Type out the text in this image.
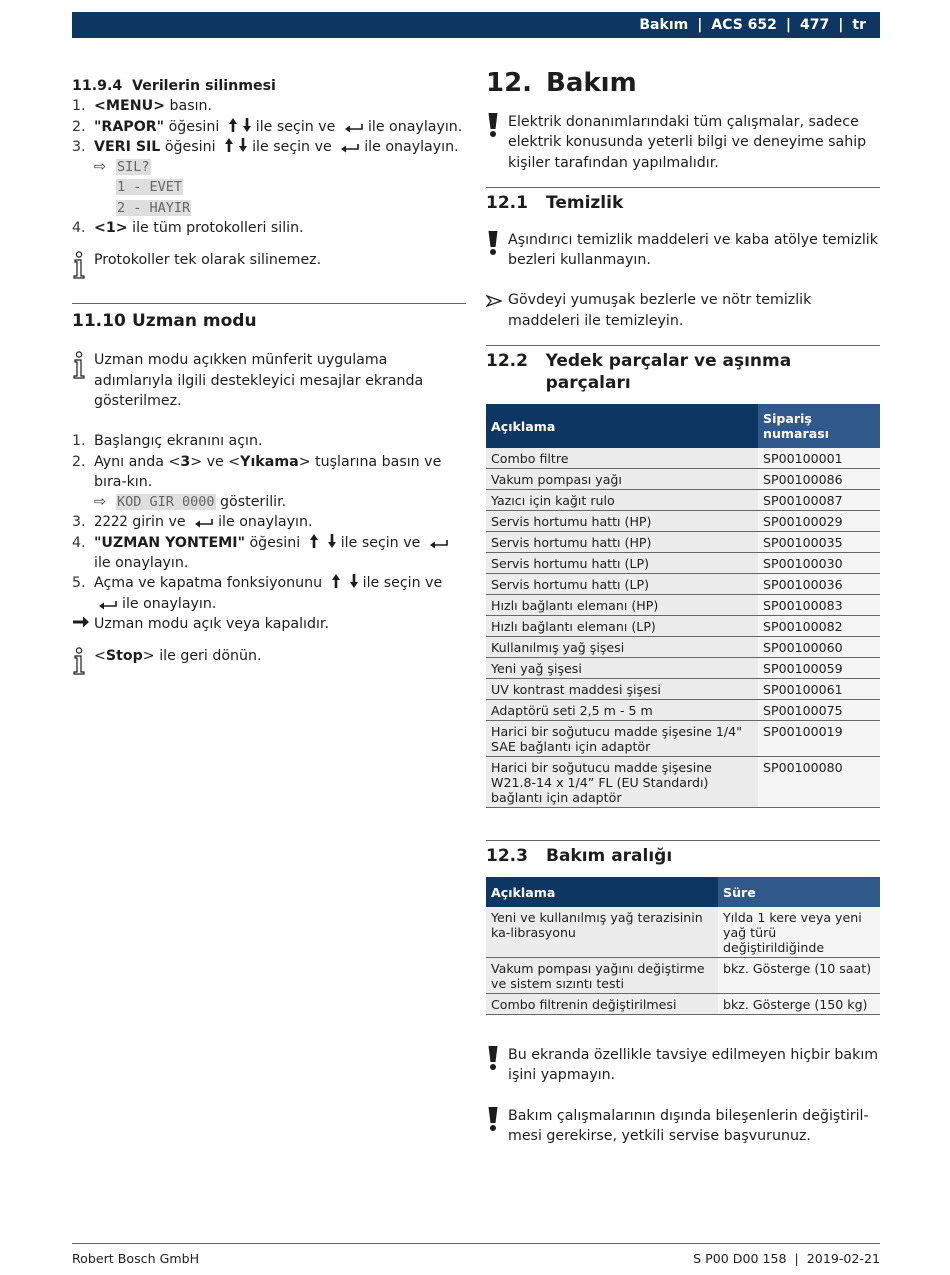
Bakım | ACS 652 | 477 | tr
11.9.4 Verilerin silinmesi
1. <MENU> basın.
2. "RAPOR" öğesini	ile seçin ve ile onaylayın.
3. VERI SIL öğesini	ile seçin ve ile onaylayın.
⇨ SIL?
1 - EVET
2 - HAYIR
4. <1> ile tüm protokolleri silin.
Protokoller tek olarak silinemez.
11.10 Uzman modu
Uzman modu açıkken münferit uygulama adımlarıyla ilgili destekleyici mesajlar ekranda gösterilmez.
1. Başlangıç ekranını açın.
2. Aynı anda <3> ve <Yıkama> tuşlarına basın ve bıra-kın.
⇨ KOD GIR 0000 gösterilir.
3. 2222 girin ve ile onaylayın.
4. "UZMAN YONTEMI" öğesini	ile seçin ve ile onaylayın.
5. Açma ve kapatma fonksiyonunu	ile seçin ve ile onaylayın.
Uzman modu açık veya kapalıdır.
<Stop> ile geri dönün.
12. Bakım
Elektrik donanımlarındaki tüm çalışmalar, sadece elektrik konusunda yeterli bilgi ve deneyime sahip kişiler tarafından yapılmalıdır.
12.1	Temizlik
Aşındırıcı temizlik maddeleri ve kaba atölye temizlik bezleri kullanmayın.
Gövdeyi yumuşak bezlerle ve nötr temizlik maddeleri ile temizleyin.
12.2	Yedek parçalar ve aşınma parçaları
Açıklama	Sipariş numarası
Combo filtre	SP00100001
Vakum pompası yağı	SP00100086
Yazıcı için kağıt rulo	SP00100087
Servis hortumu hattı (HP)	SP00100029
Servis hortumu hattı (HP)	SP00100035
Servis hortumu hattı (LP)	SP00100030
Servis hortumu hattı (LP)	SP00100036
Hızlı bağlantı elemanı (HP)	SP00100083
Hızlı bağlantı elemanı (LP)	SP00100082
Kullanılmış yağ şişesi	SP00100060
Yeni yağ şişesi	SP00100059
UV kontrast maddesi şişesi	SP00100061
Adaptörü seti 2,5 m - 5 m	SP00100075
Harici bir soğutucu madde şişesine 1/4" SAE bağlantı için adaptör	SP00100019
Harici bir soğutucu madde şişesine W21.8-14 x 1/4” FL (EU Standardı) bağlantı için adaptör	SP00100080
12.3	Bakım aralığı
Açıklama	Süre
Yeni ve kullanılmış yağ terazisinin ka-librasyonu	Yılda 1 kere veya yeni yağ türü değiştirildiğinde
Vakum pompası yağını değiştirme ve sistem sızıntı testi	bkz. Gösterge (10 saat)
Combo filtrenin değiştirilmesi	bkz. Gösterge (150 kg)
Bu ekranda özellikle tavsiye edilmeyen hiçbir bakım işini yapmayın.
Bakım çalışmalarının dışında bileşenlerin değiştiril-mesi gerekirse, yetkili servise başvurunuz.
Robert Bosch GmbH	S P00 D00 158 | 2019-02-21
